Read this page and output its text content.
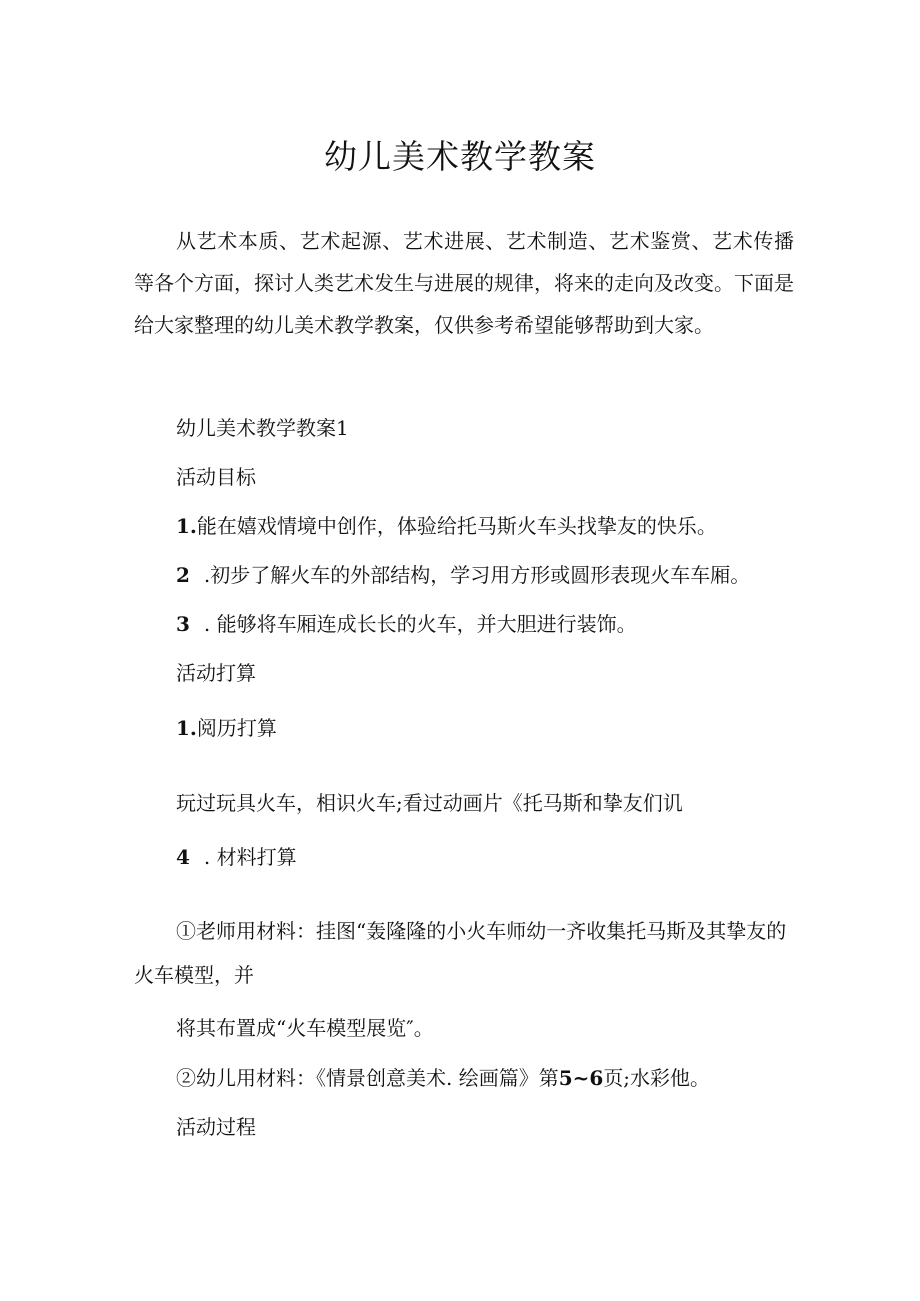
幼儿美术教学教案

从艺术本质、艺术起源、艺术进展、艺术制造、艺术鉴赏、艺术传播等各个方面，探讨人类艺术发生与进展的规律，将来的走向及改变。下面是给大家整理的幼儿美术教学教案，仅供参考希望能够帮助到大家。

幼儿美术教学教案1

活动目标

1.能在嬉戏情境中创作，体验给托马斯火车头找挚友的快乐。

2 .初步了解火车的外部结构，学习用方形或圆形表现火车车厢。

3 . 能够将车厢连成长长的火车，并大胆进行装饰。

活动打算

1.阅历打算

玩过玩具火车，相识火车;看过动画片《托马斯和挚友们讥

4 . 材料打算

①老师用材料：挂图“轰隆隆的小火车师幼一齐收集托马斯及其挚友的火车模型，并

将其布置成“火车模型展览″。

②幼儿用材料：《情景创意美术. 绘画篇》第5~6页;水彩他。

活动过程
